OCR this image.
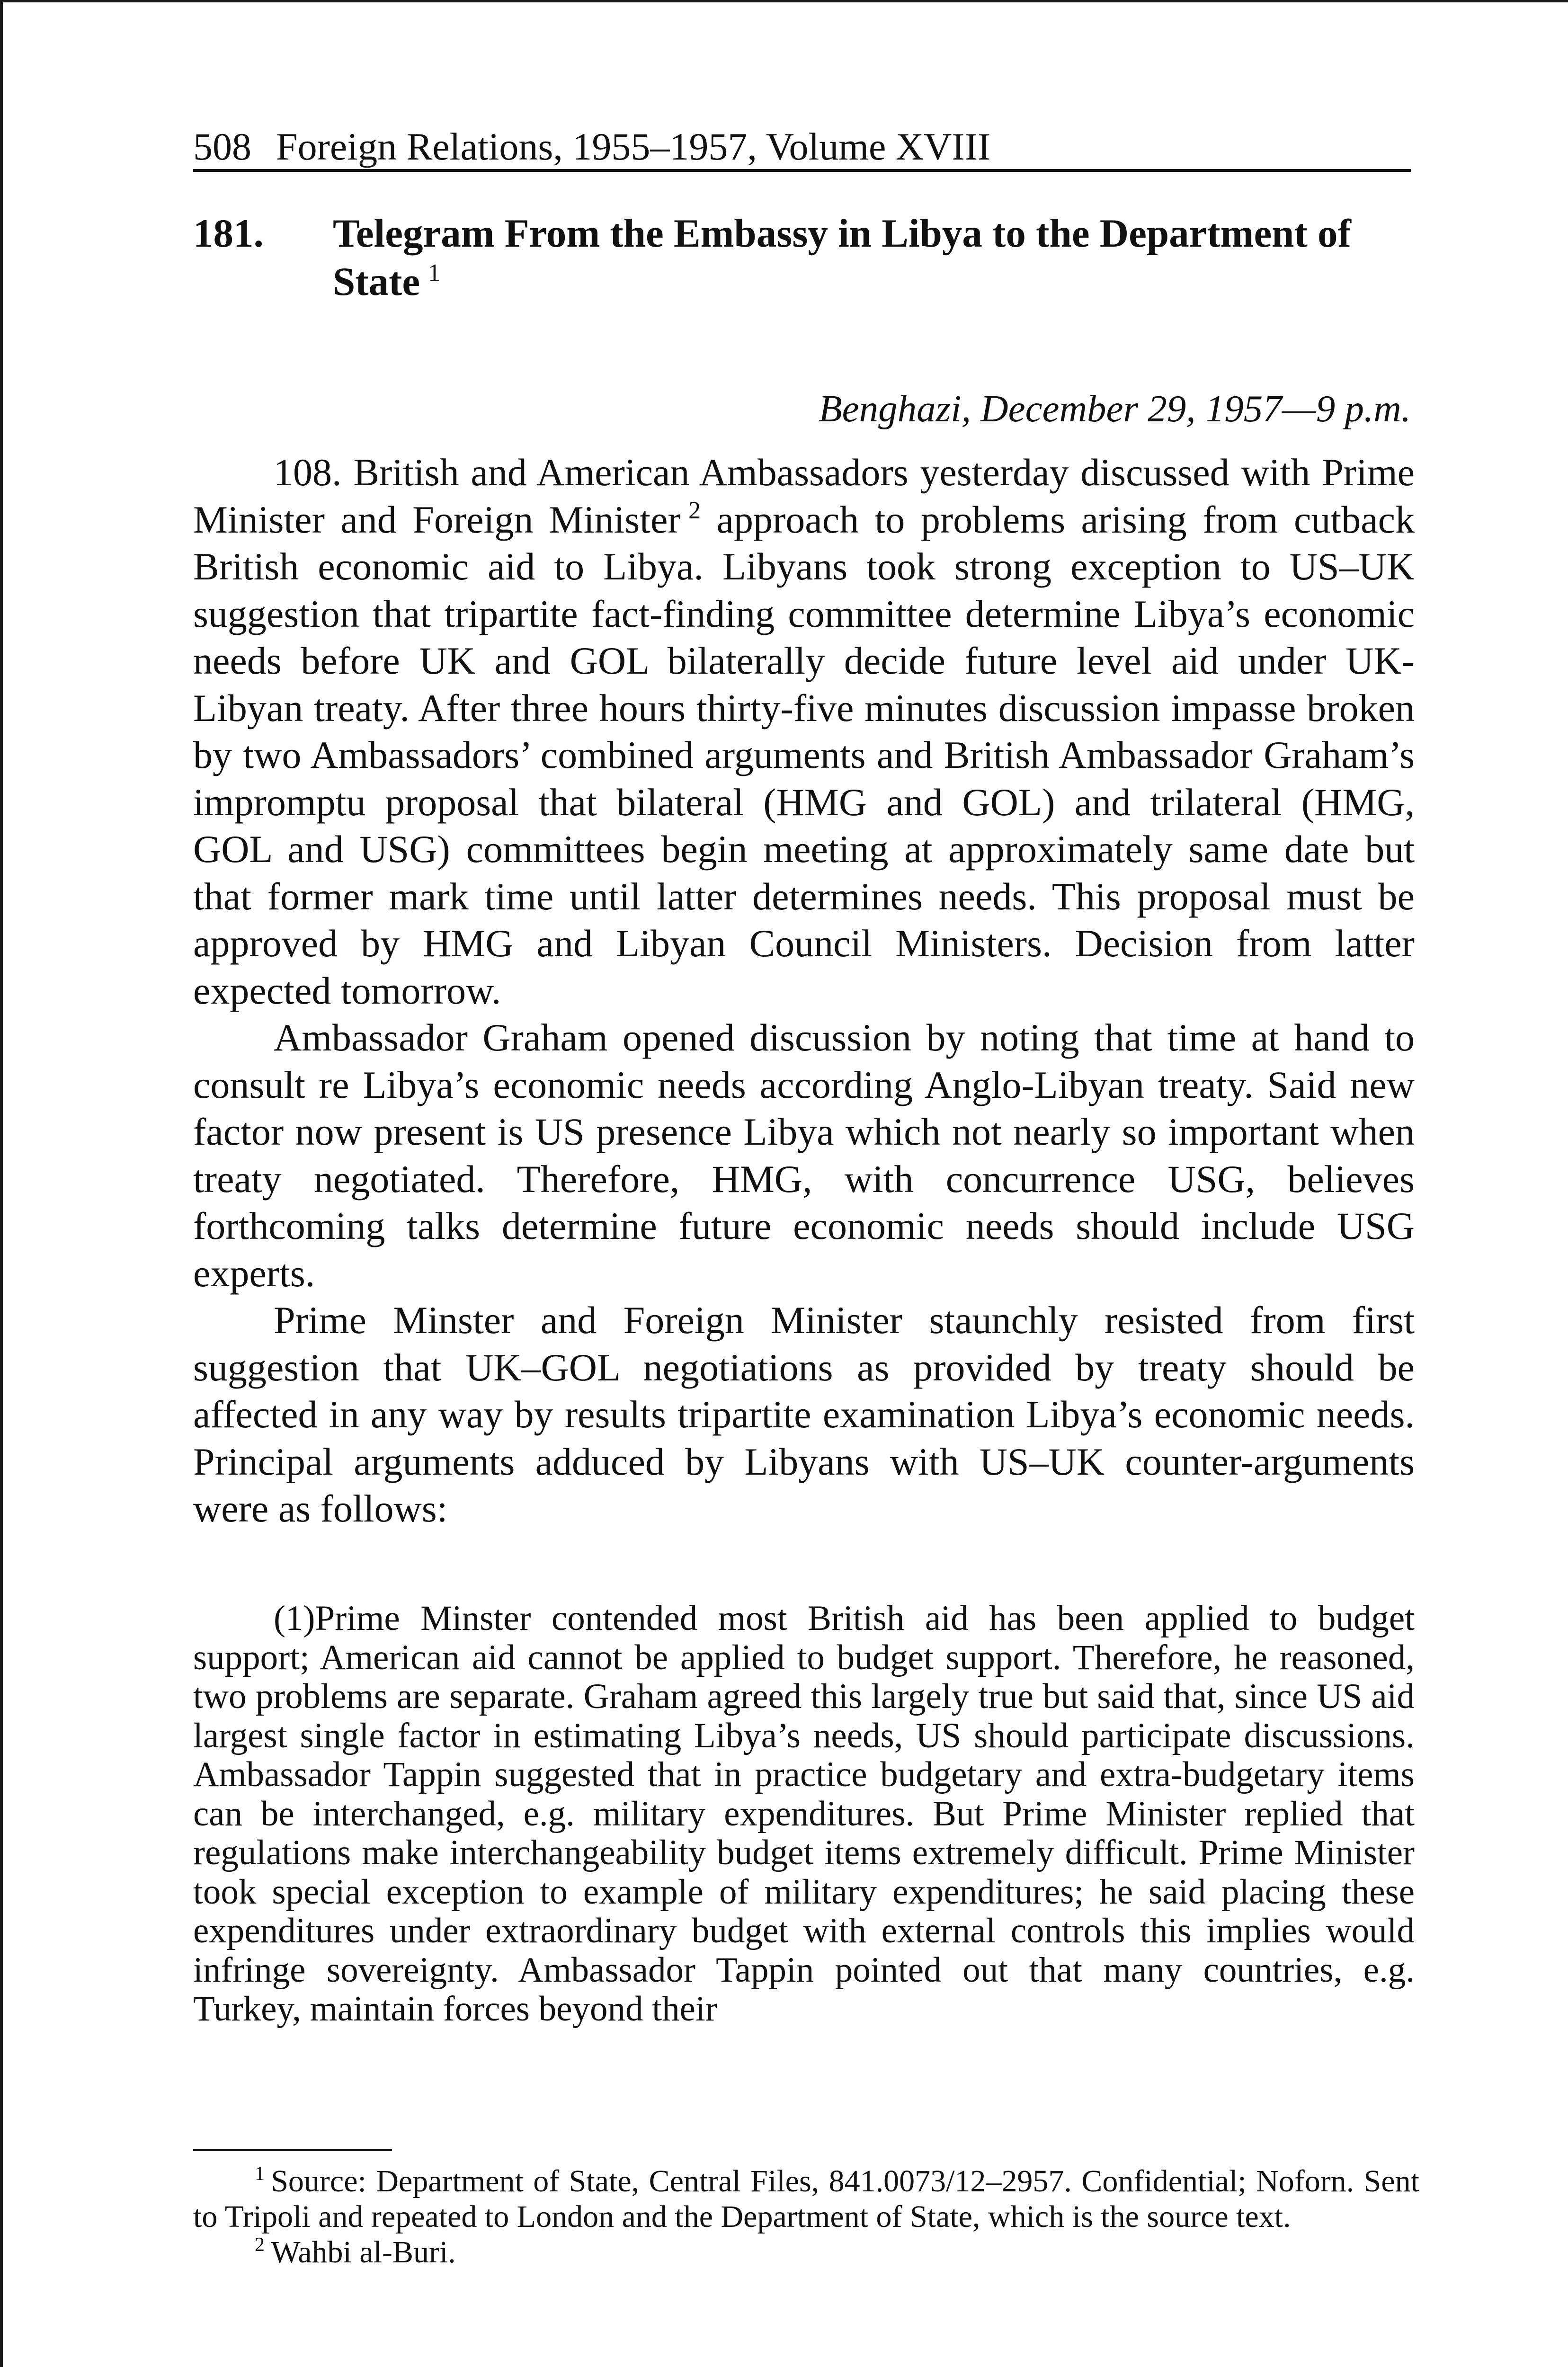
508 Foreign Relations, 1955–1957, Volume XVIII
181. Telegram From the Embassy in Libya to the Department of State  $^1$
Benghazi, December 29, 1957—9 p.m.

108. British and American Ambassadors yesterday discussed with Prime Minister and Foreign Minister  $^2$ approach to problems arising from cutback British economic aid to Libya. Libyans took strong exception to US–UK suggestion that tripartite fact-finding committee determine Libya’s economic needs before UK and GOL bilaterally decide future level aid under UK-Libyan treaty. After three hours thirty-five minutes discussion impasse broken by two Ambassadors’ combined arguments and British Ambassador Graham’s impromptu proposal that bilateral (HMG and GOL) and trilateral (HMG, GOL and USG) committees begin meeting at approximately same date but that former mark time until latter determines needs. This proposal must be approved by HMG and Libyan Council Ministers. Decision from latter expected tomorrow.

Ambassador Graham opened discussion by noting that time at hand to consult re Libya’s economic needs according Anglo-Libyan treaty. Said new factor now present is US presence Libya which not nearly so important when treaty negotiated. Therefore, HMG, with concurrence USG, believes forthcoming talks determine future economic needs should include USG experts.

Prime Minster and Foreign Minister staunchly resisted from first suggestion that UK–GOL negotiations as provided by treaty should be affected in any way by results tripartite examination Libya’s economic needs. Principal arguments adduced by Libyans with US–UK counter-arguments were as follows:

(1)Prime Minster contended most British aid has been applied to budget support; American aid cannot be applied to budget support. Therefore, he reasoned, two problems are separate. Graham agreed this largely true but said that, since US aid largest single factor in estimating Libya’s needs, US should participate discussions. Ambassador Tappin suggested that in practice budgetary and extra-budgetary items can be interchanged, e.g. military expenditures. But Prime Minister replied that regulations make interchangeability budget items extremely difficult. Prime Minister took special exception to example of military expenditures; he said placing these expenditures under extraordinary budget with external controls this implies would infringe sovereignty. Ambassador Tappin pointed out that many countries, e.g. Turkey, maintain forces beyond their

$^1$  Source: Department of State, Central Files, 841.0073/12–2957. Confidential; Noforn. Sent to Tripoli and repeated to London and the Department of State, which is the source text.

$^2$  Wahbi al-Buri.
